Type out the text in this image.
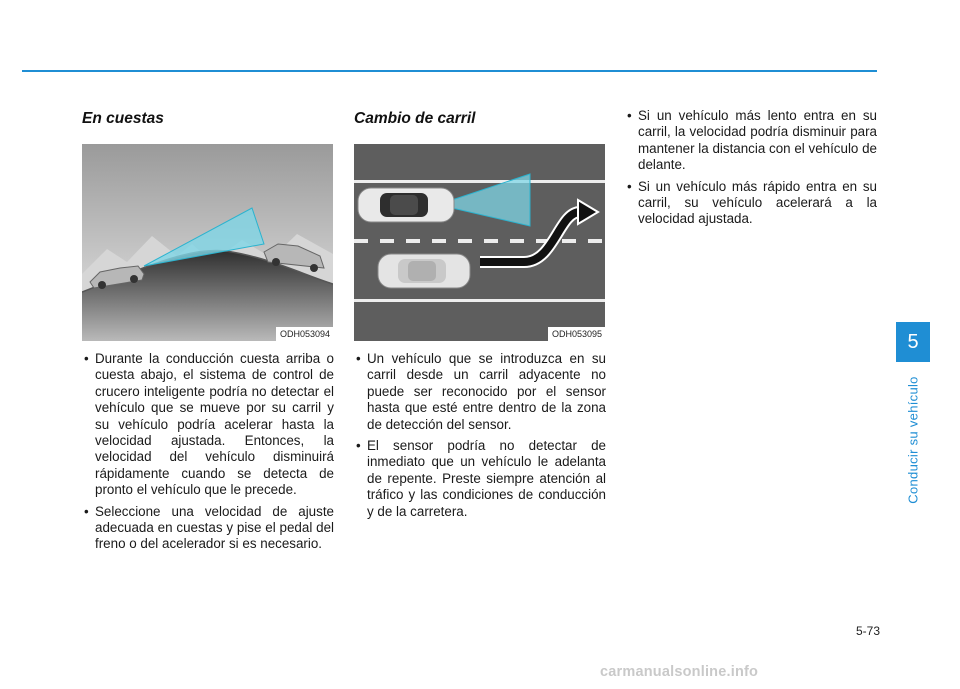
En cuestas
ODH053094
• Durante la conducción cuesta arriba o cuesta abajo, el sistema de control de crucero inteligente podría no detectar el vehículo que se mueve por su carril y su vehículo podría acelerar hasta la velocidad ajustada. Entonces, la velocidad del vehículo disminuirá rápidamente cuando se detecta de pronto el vehículo que le precede.
• Seleccione una velocidad de ajuste adecuada en cuestas y pise el pedal del freno o del acelerador si es necesario.
Cambio de carril
ODH053095
• Un vehículo que se introduzca en su carril desde un carril adyacente no puede ser reconocido por el sensor hasta que esté entre dentro de la zona de detección del sensor.
• El sensor podría no detectar de inmediato que un vehículo le adelanta de repente. Preste siempre atención al tráfico y las condiciones de conducción y de la carretera.
• Si un vehículo más lento entra en su carril, la velocidad podría disminuir para mantener la distancia con el vehículo de delante.
• Si un vehículo más rápido entra en su carril, su vehículo acelerará a la velocidad ajustada.
5
Conducir su vehículo
5-73
carmanualsonline.info
